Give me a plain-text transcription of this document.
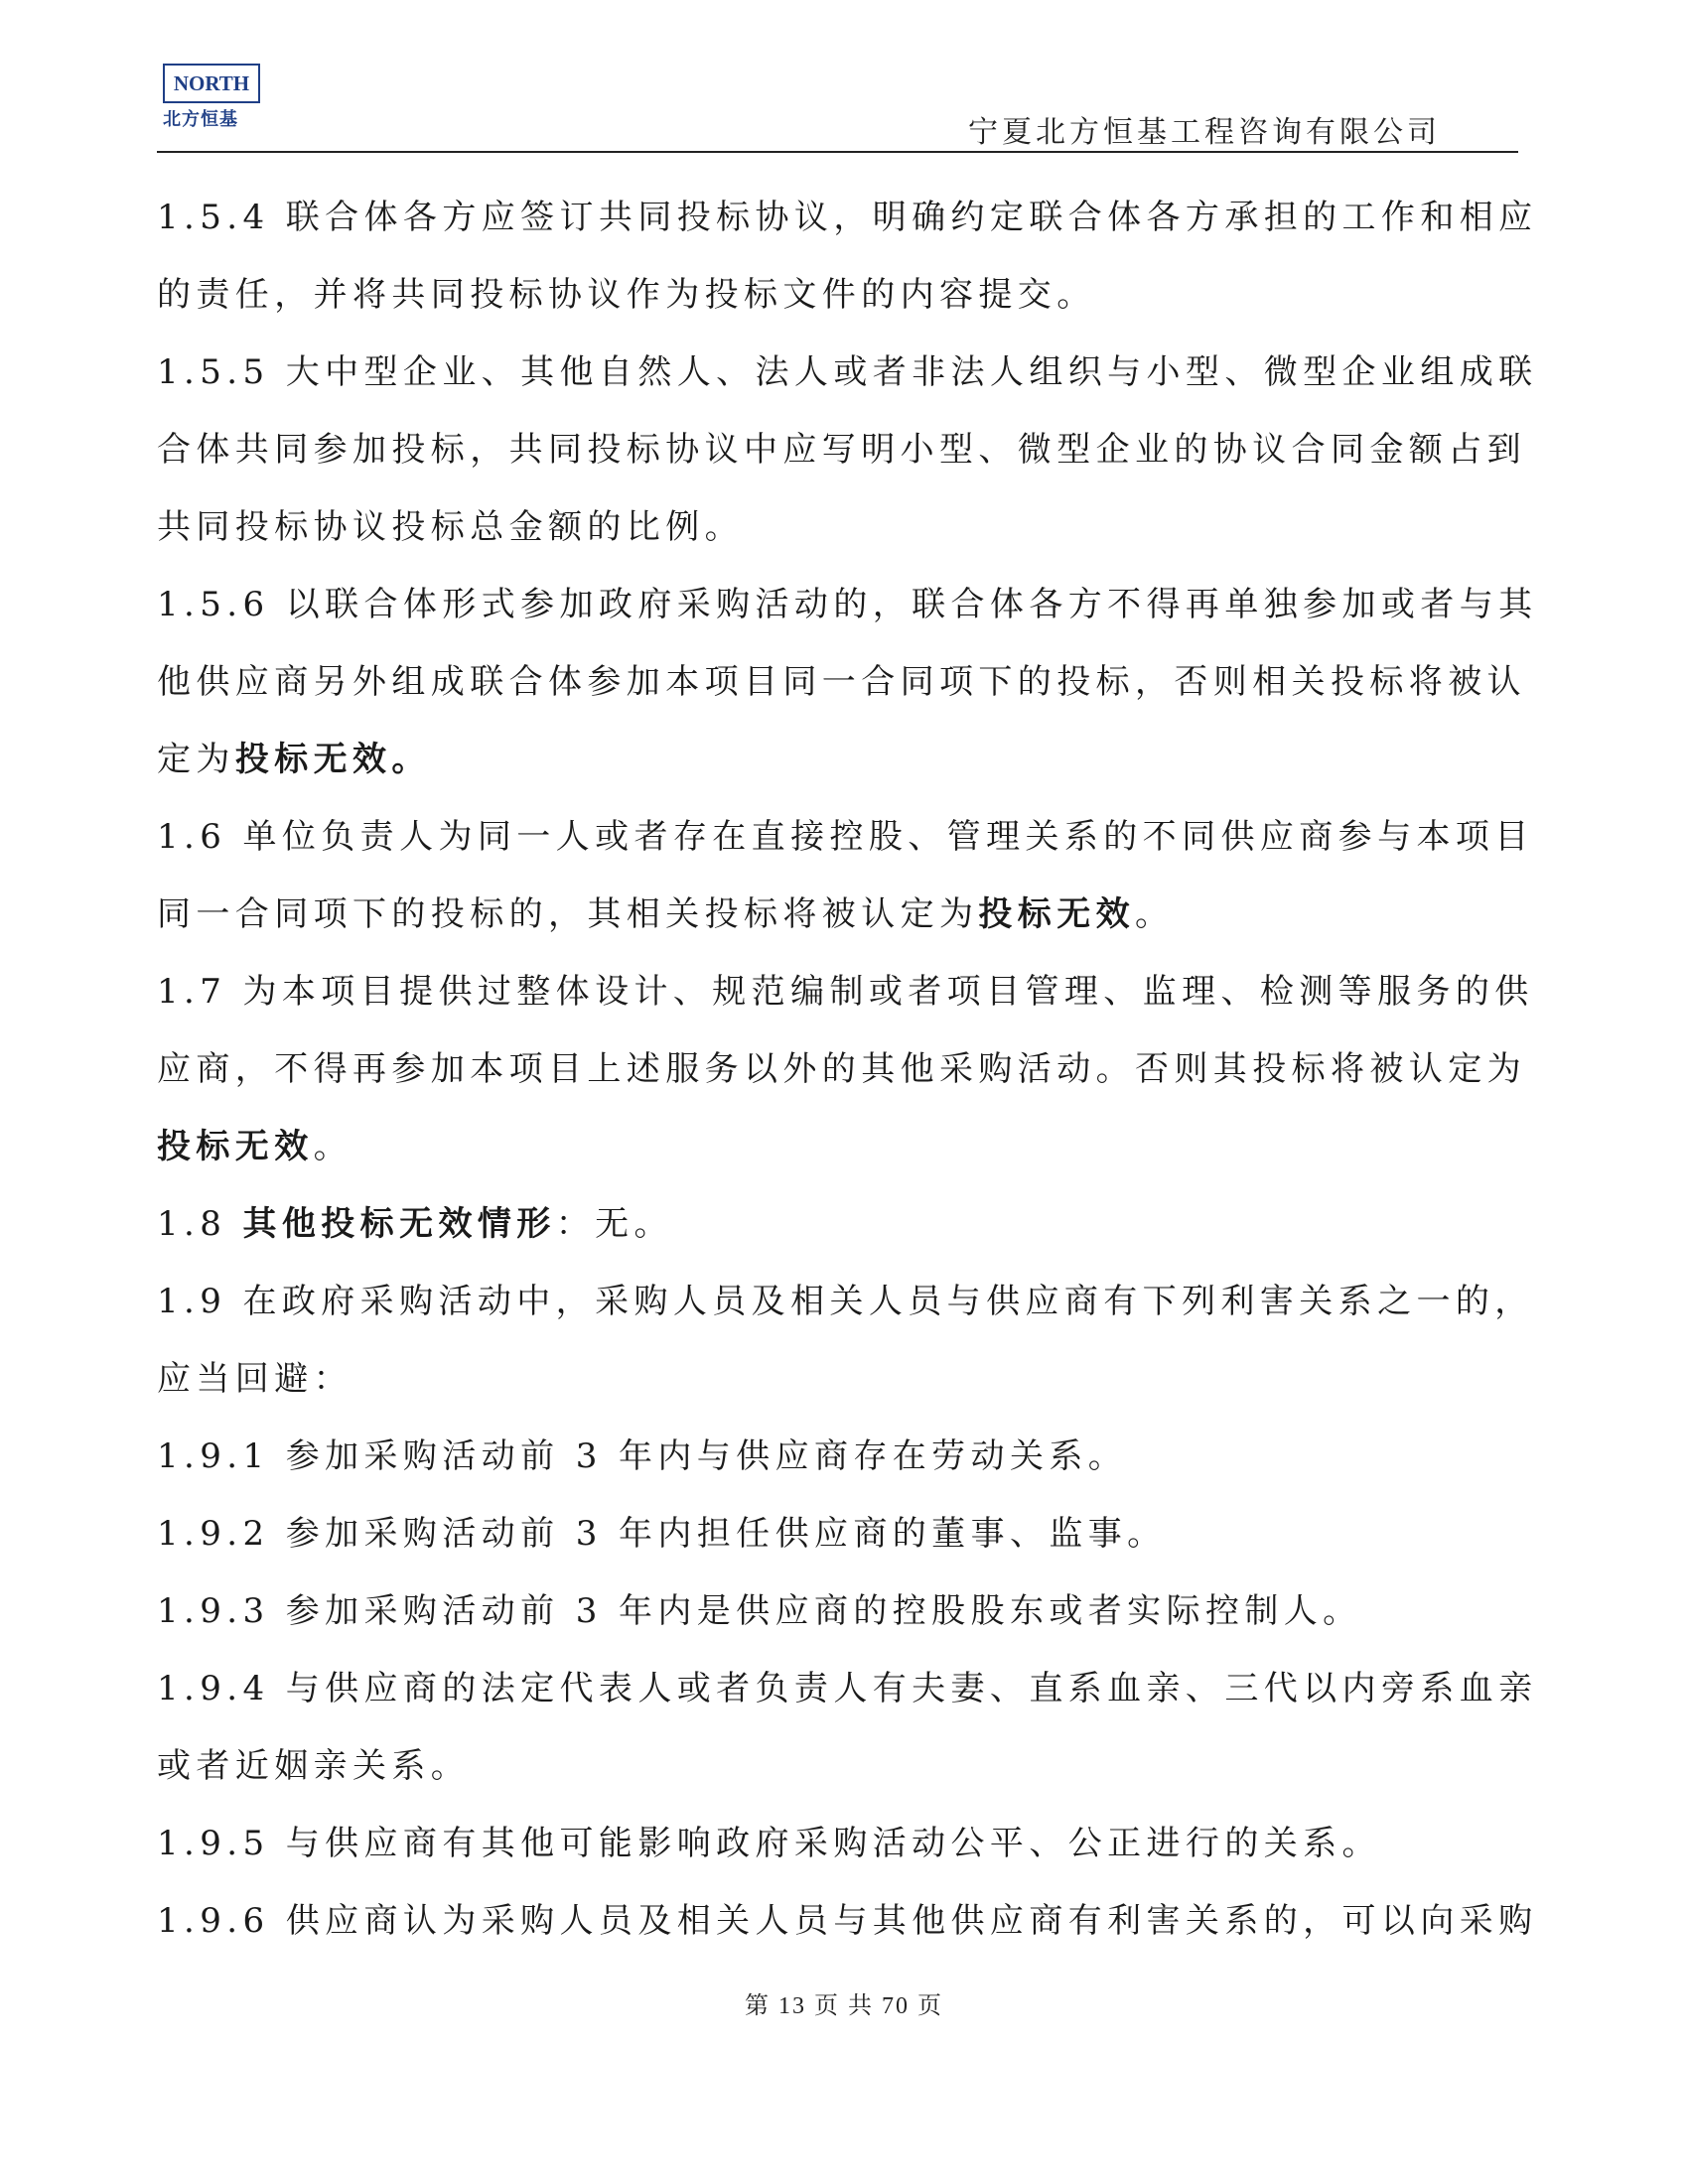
NORTH
北方恒基	宁夏北方恒基工程咨询有限公司

1.5.4 联合体各方应签订共同投标协议，明确约定联合体各方承担的工作和相应

的责任，并将共同投标协议作为投标文件的内容提交。

1.5.5 大中型企业、其他自然人、法人或者非法人组织与小型、微型企业组成联

合体共同参加投标，共同投标协议中应写明小型、微型企业的协议合同金额占到

共同投标协议投标总金额的比例。

1.5.6 以联合体形式参加政府采购活动的，联合体各方不得再单独参加或者与其

他供应商另外组成联合体参加本项目同一合同项下的投标，否则相关投标将被认

定为投标无效。

1.6 单位负责人为同一人或者存在直接控股、管理关系的不同供应商参与本项目

同一合同项下的投标的，其相关投标将被认定为投标无效。

1.7 为本项目提供过整体设计、规范编制或者项目管理、监理、检测等服务的供

应商，不得再参加本项目上述服务以外的其他采购活动。否则其投标将被认定为

投标无效。

1.8 其他投标无效情形：无。

1.9 在政府采购活动中，采购人员及相关人员与供应商有下列利害关系之一的，

应当回避：

1.9.1 参加采购活动前 3 年内与供应商存在劳动关系。

1.9.2 参加采购活动前 3 年内担任供应商的董事、监事。

1.9.3 参加采购活动前 3 年内是供应商的控股股东或者实际控制人。

1.9.4 与供应商的法定代表人或者负责人有夫妻、直系血亲、三代以内旁系血亲

或者近姻亲关系。

1.9.5 与供应商有其他可能影响政府采购活动公平、公正进行的关系。

1.9.6 供应商认为采购人员及相关人员与其他供应商有利害关系的，可以向采购

第 13 页 共 70 页
